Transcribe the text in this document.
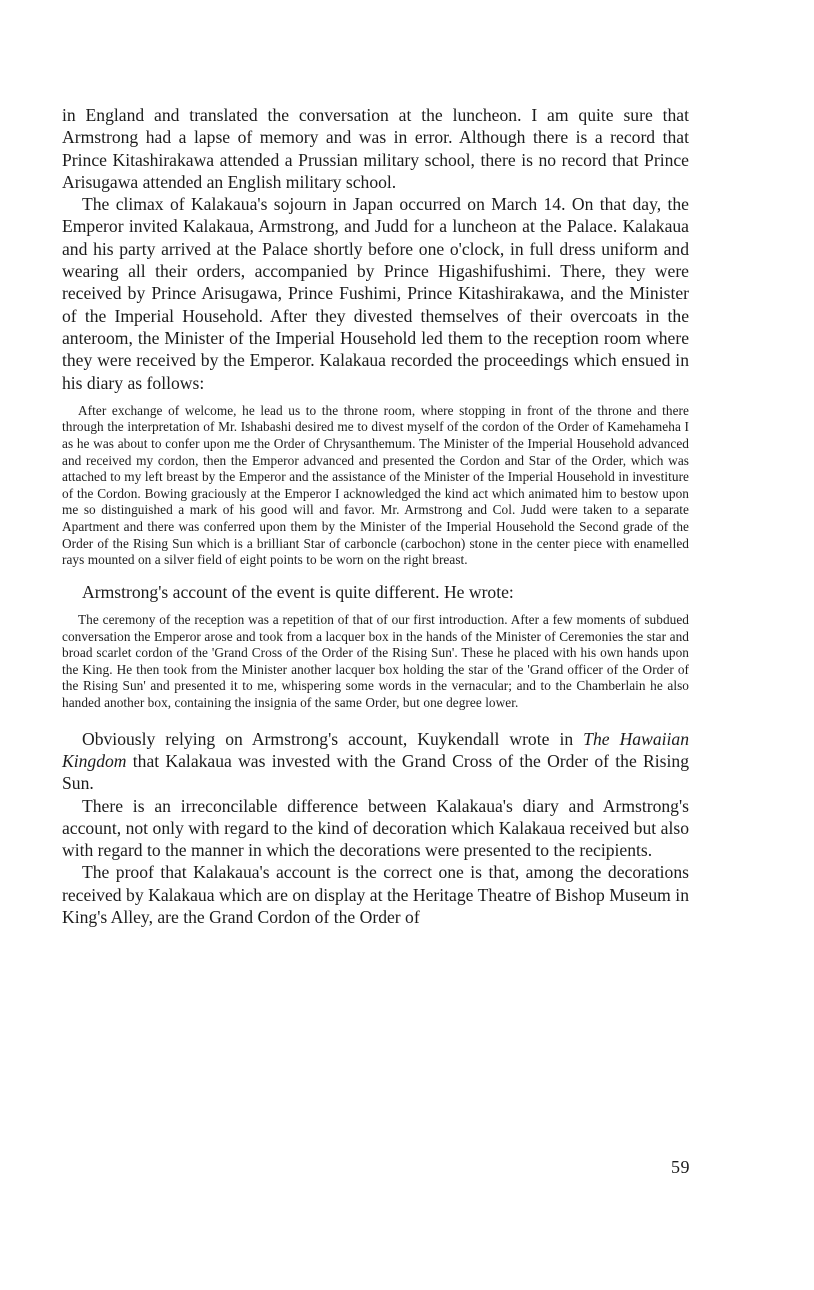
in England and translated the conversation at the luncheon. I am quite sure that Armstrong had a lapse of memory and was in error. Although there is a record that Prince Kitashirakawa attended a Prussian military school, there is no record that Prince Arisugawa attended an English military school.

The climax of Kalakaua's sojourn in Japan occurred on March 14. On that day, the Emperor invited Kalakaua, Armstrong, and Judd for a luncheon at the Palace. Kalakaua and his party arrived at the Palace shortly before one o'clock, in full dress uniform and wearing all their orders, accompanied by Prince Higashifushimi. There, they were received by Prince Arisugawa, Prince Fushimi, Prince Kitashirakawa, and the Minister of the Imperial Household. After they divested themselves of their overcoats in the anteroom, the Minister of the Imperial Household led them to the reception room where they were received by the Emperor. Kalakaua recorded the proceedings which ensued in his diary as follows:

After exchange of welcome, he lead us to the throne room, where stopping in front of the throne and there through the interpretation of Mr. Ishabashi desired me to divest myself of the cordon of the Order of Kamehameha I as he was about to confer upon me the Order of Chrysanthemum. The Minister of the Imperial Household advanced and received my cordon, then the Emperor advanced and presented the Cordon and Star of the Order, which was attached to my left breast by the Emperor and the assistance of the Minister of the Imperial Household in investiture of the Cordon. Bowing graciously at the Emperor I acknowledged the kind act which animated him to bestow upon me so distinguished a mark of his good will and favor. Mr. Armstrong and Col. Judd were taken to a separate Apartment and there was conferred upon them by the Minister of the Imperial Household the Second grade of the Order of the Rising Sun which is a brilliant Star of carboncle (carbochon) stone in the center piece with enamelled rays mounted on a silver field of eight points to be worn on the right breast.

Armstrong's account of the event is quite different. He wrote:

The ceremony of the reception was a repetition of that of our first introduction. After a few moments of subdued conversation the Emperor arose and took from a lacquer box in the hands of the Minister of Ceremonies the star and broad scarlet cordon of the 'Grand Cross of the Order of the Rising Sun'. These he placed with his own hands upon the King. He then took from the Minister another lacquer box holding the star of the 'Grand officer of the Order of the Rising Sun' and presented it to me, whispering some words in the vernacular; and to the Chamberlain he also handed another box, containing the insignia of the same Order, but one degree lower.

Obviously relying on Armstrong's account, Kuykendall wrote in The Hawaiian Kingdom that Kalakaua was invested with the Grand Cross of the Order of the Rising Sun.

There is an irreconcilable difference between Kalakaua's diary and Armstrong's account, not only with regard to the kind of decoration which Kalakaua received but also with regard to the manner in which the decorations were presented to the recipients.

The proof that Kalakaua's account is the correct one is that, among the decorations received by Kalakaua which are on display at the Heritage Theatre of Bishop Museum in King's Alley, are the Grand Cordon of the Order of

59
